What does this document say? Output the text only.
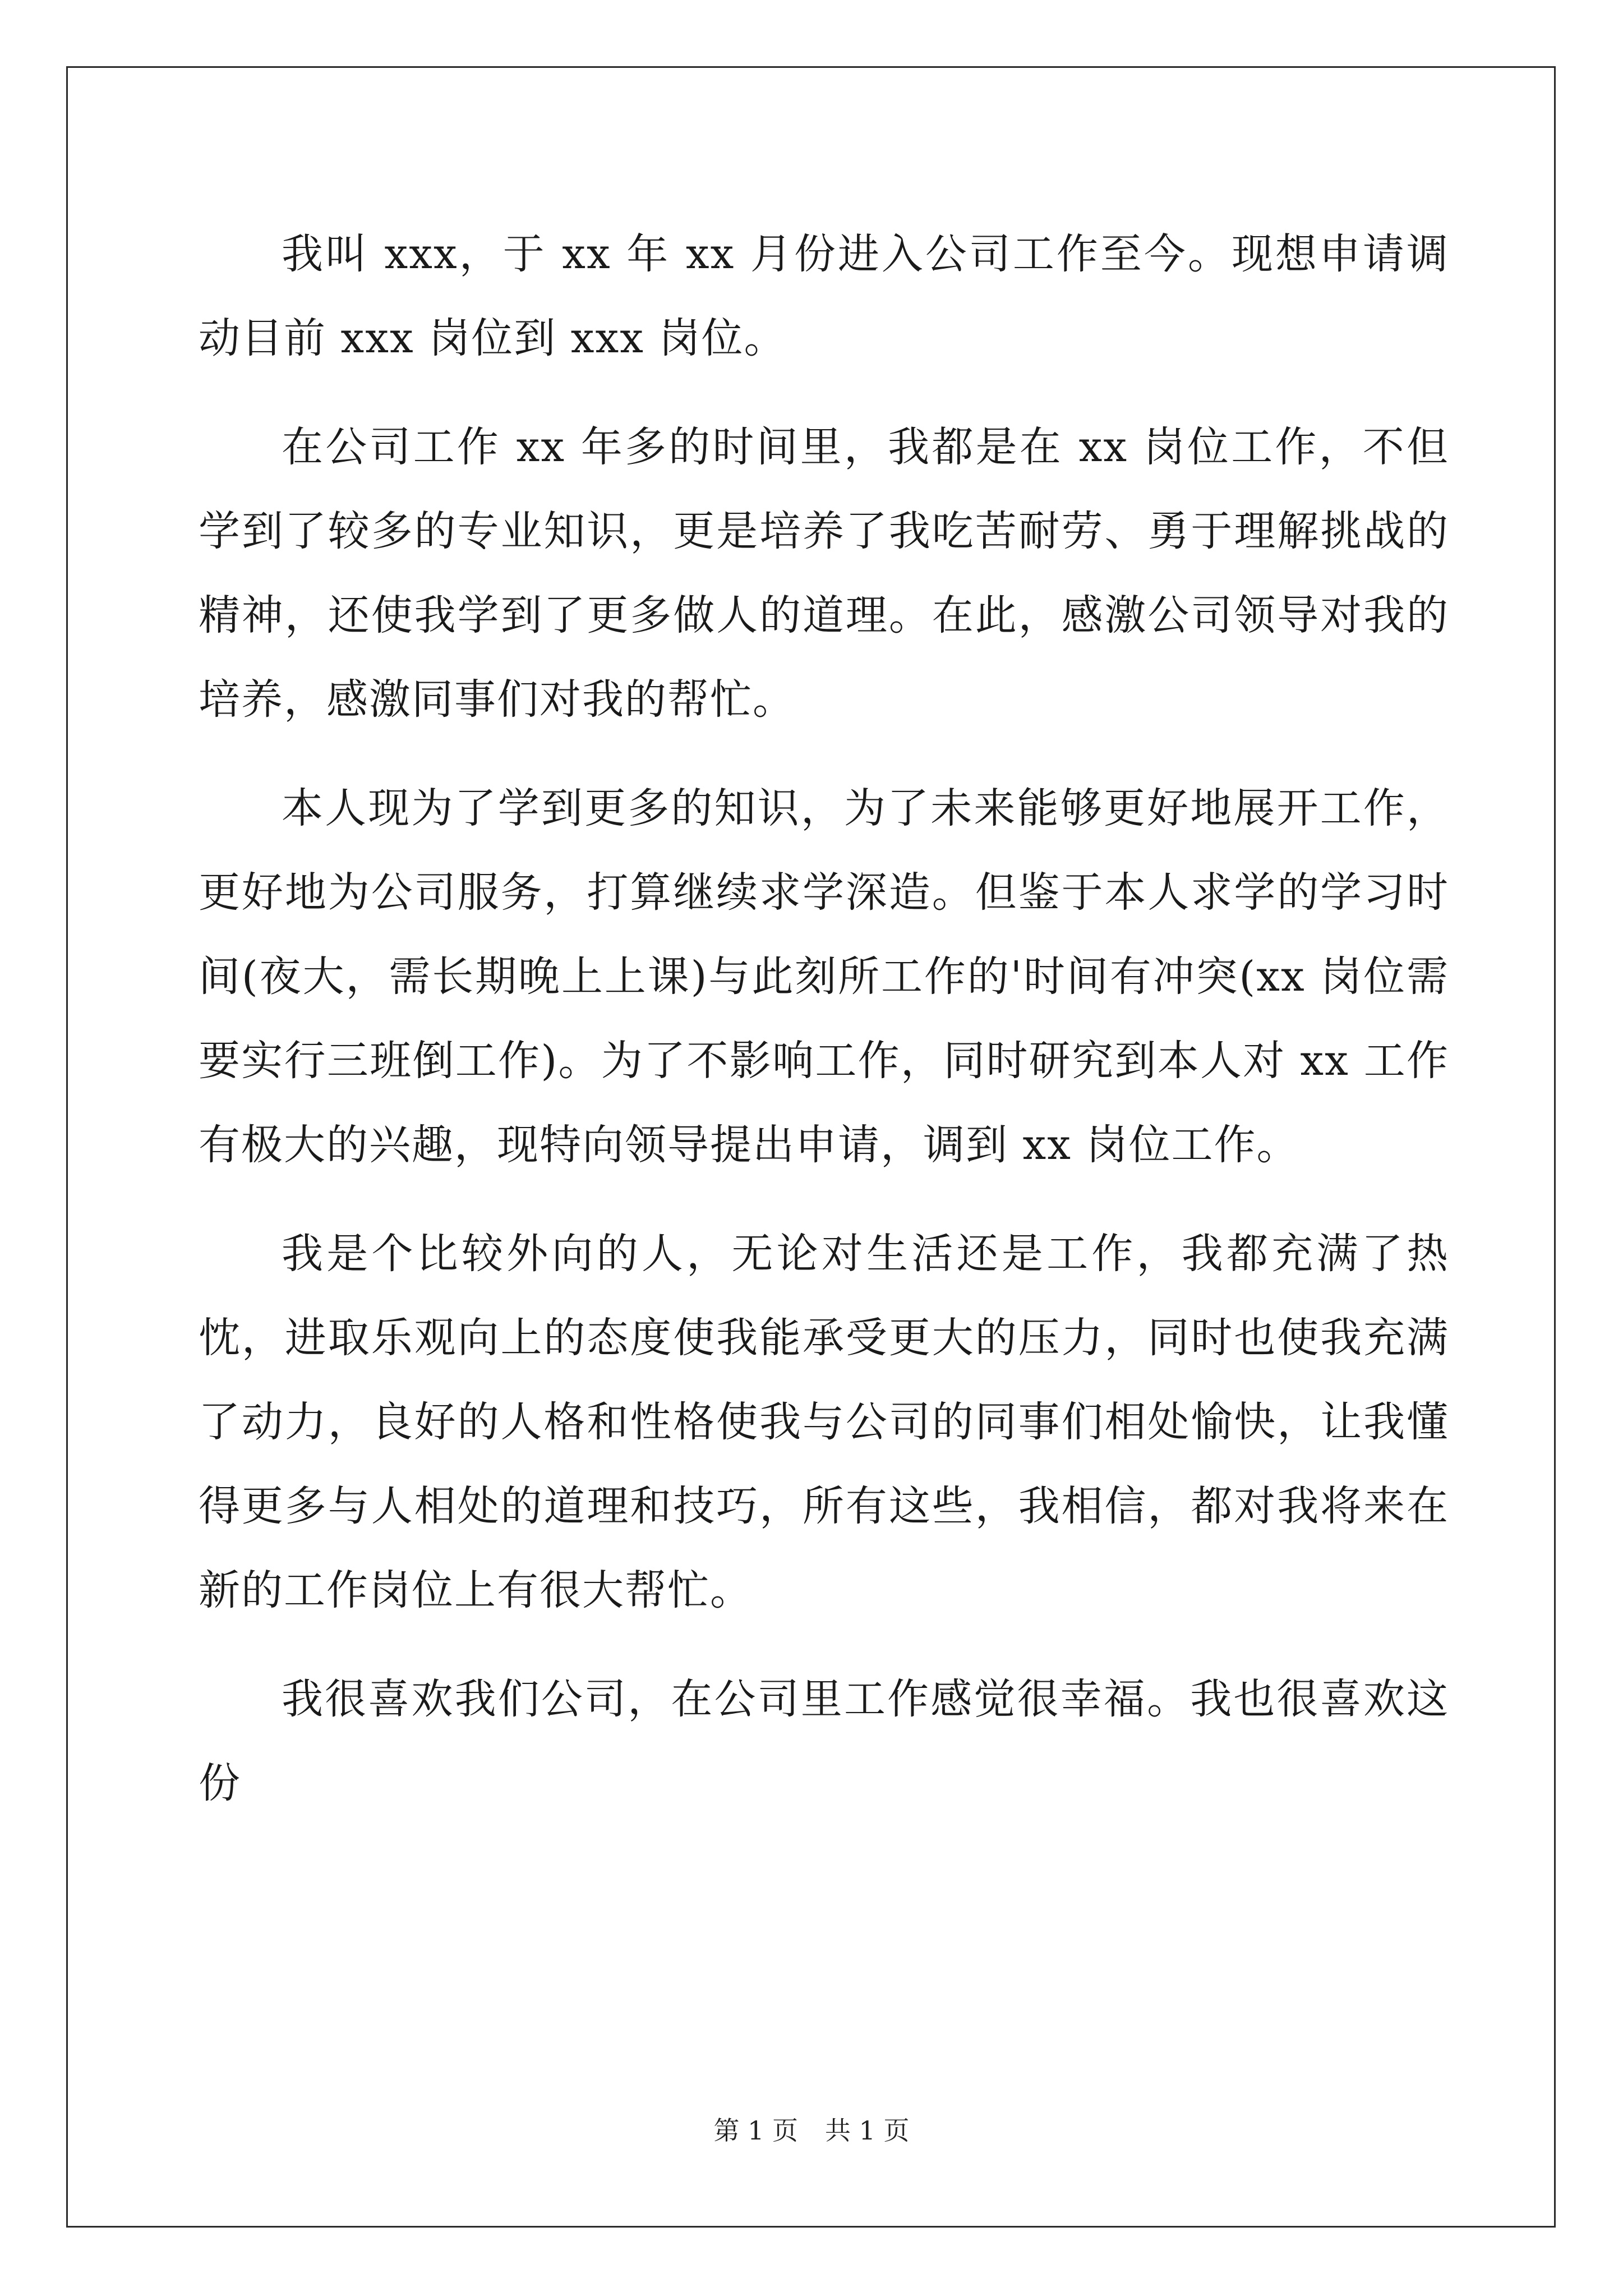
我叫 xxx，于 xx 年 xx 月份进入公司工作至今。现想申请调动目前 xxx 岗位到 xxx 岗位。

在公司工作 xx 年多的时间里，我都是在 xx 岗位工作，不但学到了较多的专业知识，更是培养了我吃苦耐劳、勇于理解挑战的精神，还使我学到了更多做人的道理。在此，感激公司领导对我的培养，感激同事们对我的帮忙。

本人现为了学到更多的知识，为了未来能够更好地展开工作，更好地为公司服务，打算继续求学深造。但鉴于本人求学的学习时间(夜大，需长期晚上上课)与此刻所工作的'时间有冲突(xx 岗位需要实行三班倒工作)。为了不影响工作，同时研究到本人对 xx 工作有极大的兴趣，现特向领导提出申请，调到 xx 岗位工作。

我是个比较外向的人，无论对生活还是工作，我都充满了热忱，进取乐观向上的态度使我能承受更大的压力，同时也使我充满了动力，良好的人格和性格使我与公司的同事们相处愉快，让我懂得更多与人相处的道理和技巧，所有这些，我相信，都对我将来在新的工作岗位上有很大帮忙。

我很喜欢我们公司，在公司里工作感觉很幸福。我也很喜欢这份

第 1 页 共 1 页
